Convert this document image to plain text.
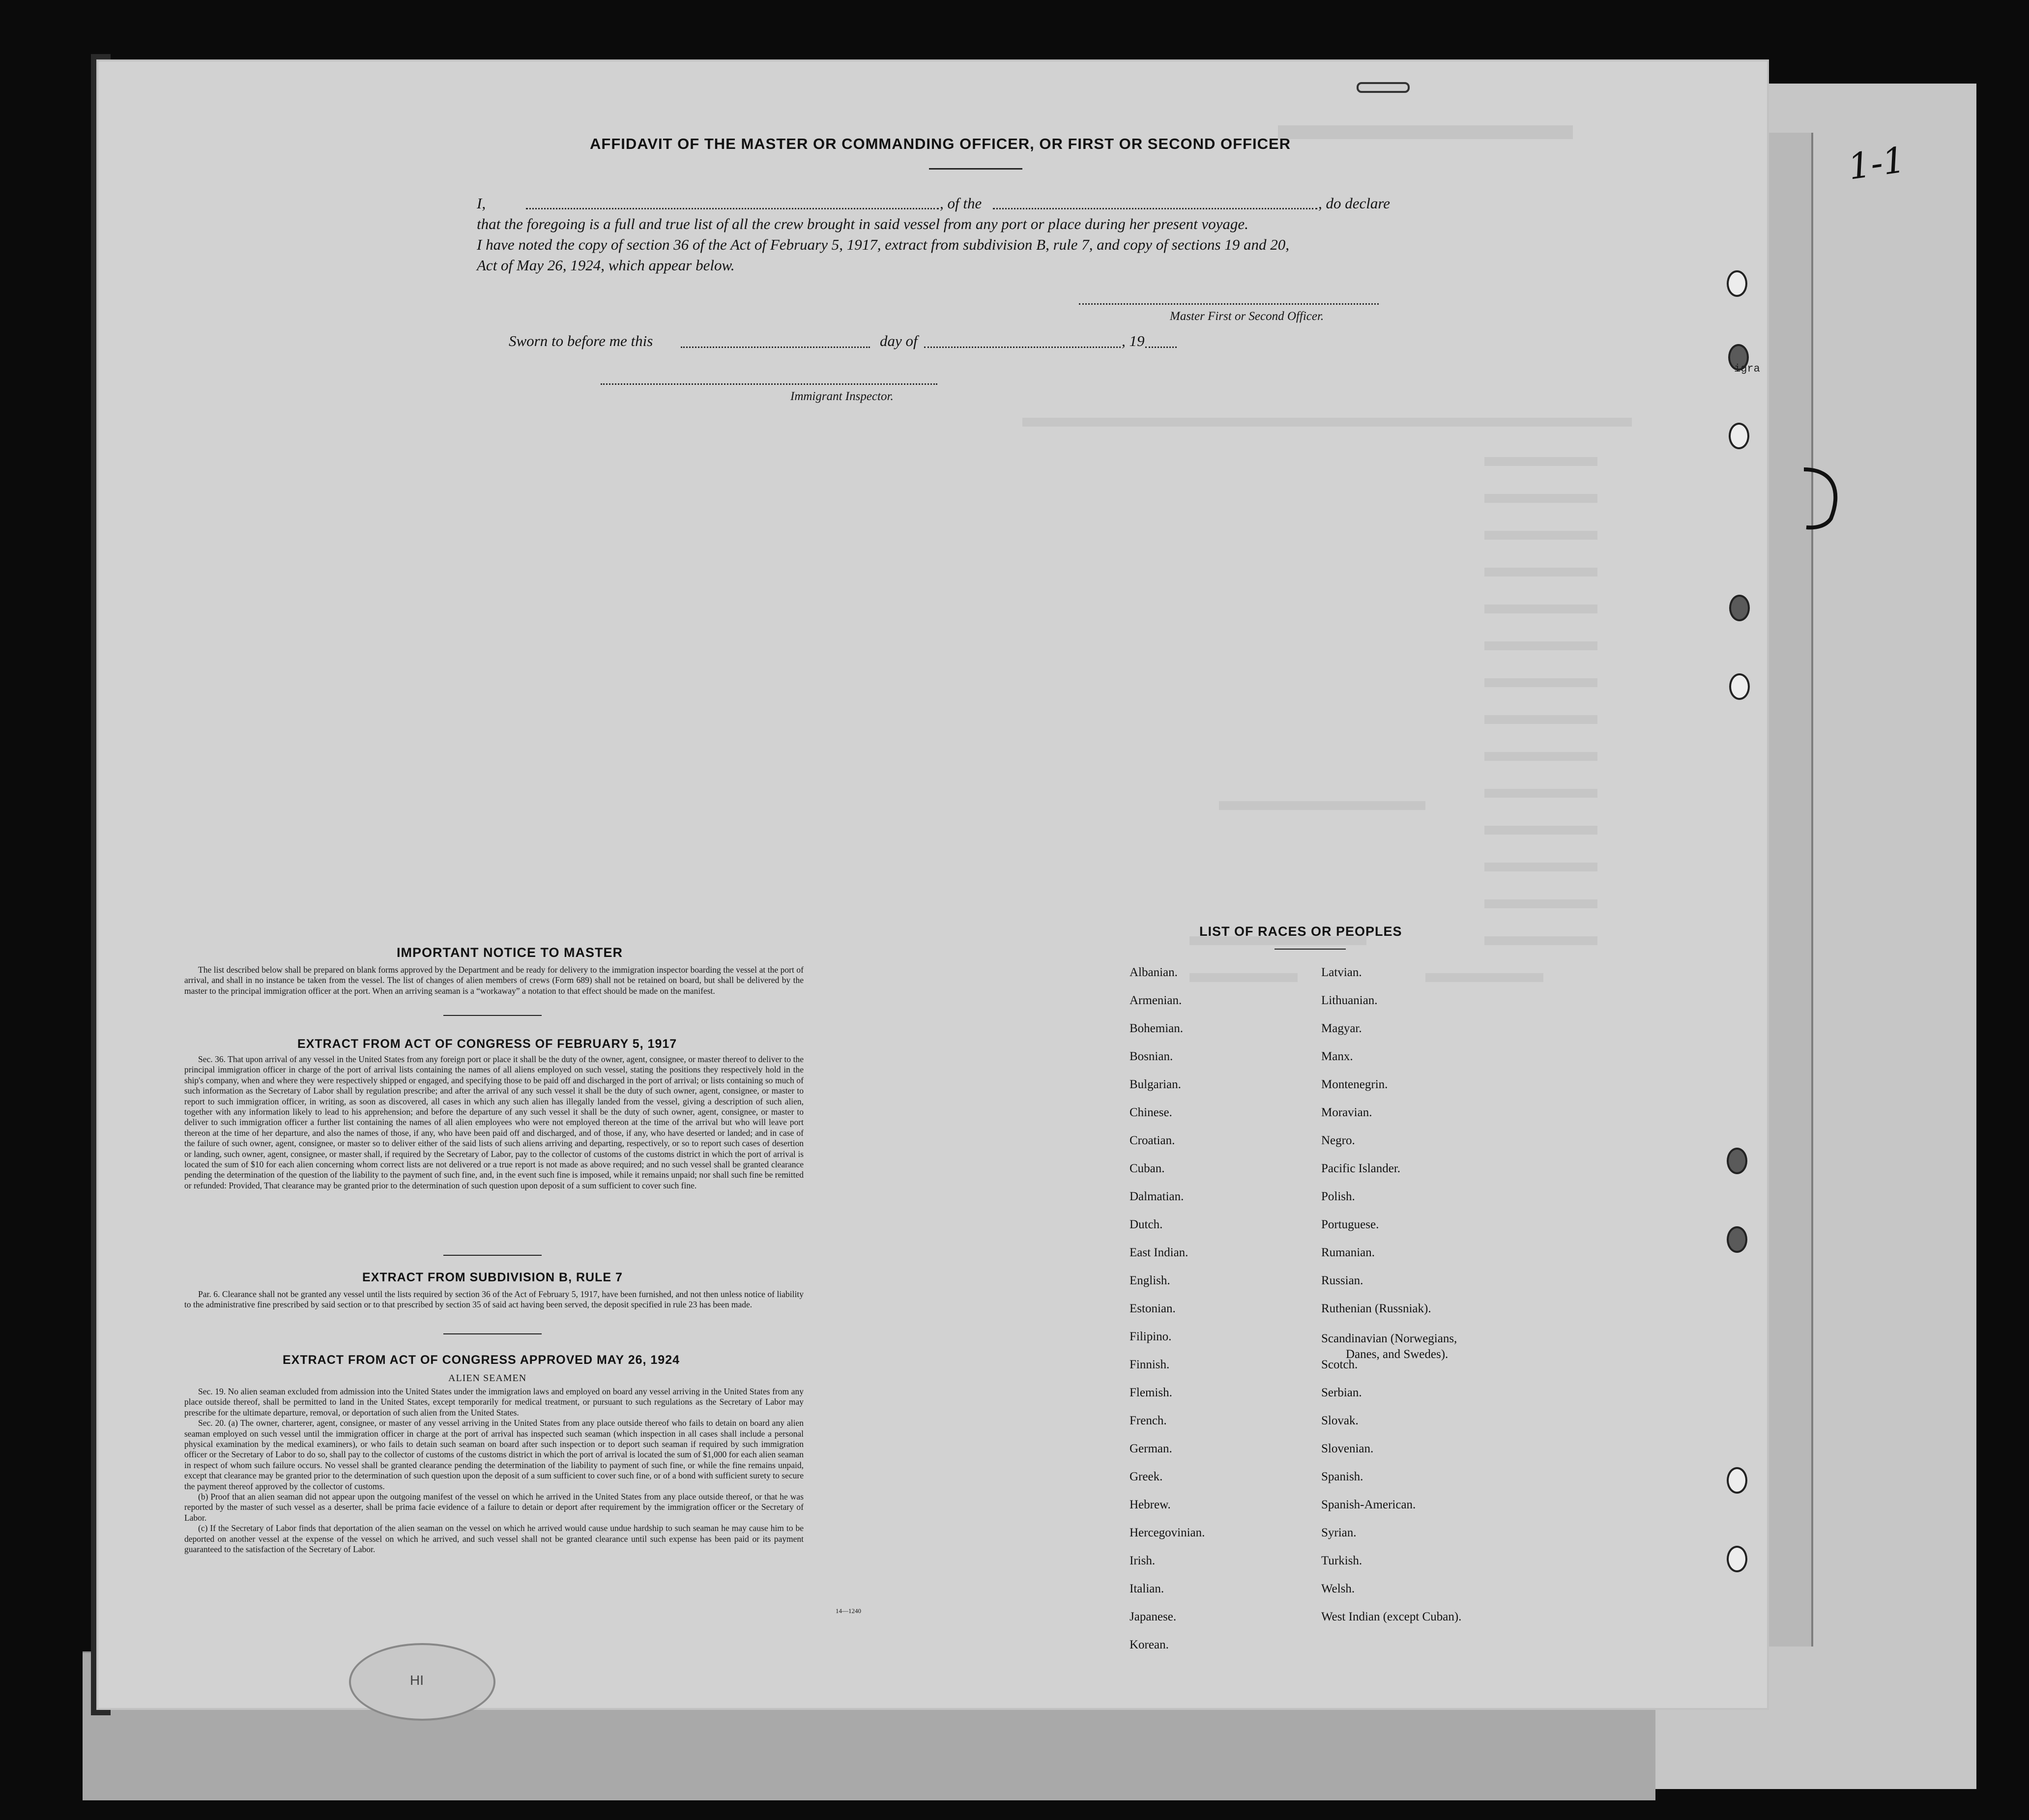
1-1
AFFIDAVIT OF THE MASTER OR COMMANDING OFFICER, OR FIRST OR SECOND OFFICER
I,	, of the	, do declare
that the foregoing is a full and true list of all the crew brought in said vessel from any port or place during her present voyage.
I have noted the copy of section 36 of the Act of February 5, 1917, extract from subdivision B, rule 7, and copy of sections 19 and 20,
Act of May 26, 1924, which appear below.
Master First or Second Officer.
Sworn to before me this	day of	, 19
Immigrant Inspector.
IMPORTANT NOTICE TO MASTER

The list described below shall be prepared on blank forms approved by the Department and be ready for delivery to the immigration inspector boarding the vessel at the port of arrival, and shall in no instance be taken from the vessel. The list of changes of alien members of crews (Form 689) shall not be retained on board, but shall be delivered by the master to the principal immigration officer at the port. When an arriving seaman is a “workaway” a notation to that effect should be made on the manifest.

EXTRACT FROM ACT OF CONGRESS OF FEBRUARY 5, 1917

Sec. 36. That upon arrival of any vessel in the United States from any foreign port or place it shall be the duty of the owner, agent, consignee, or master thereof to deliver to the principal immigration officer in charge of the port of arrival lists containing the names of all aliens employed on such vessel, stating the positions they respectively hold in the ship's company, when and where they were respectively shipped or engaged, and specifying those to be paid off and discharged in the port of arrival; or lists containing so much of such information as the Secretary of Labor shall by regulation prescribe; and after the arrival of any such vessel it shall be the duty of such owner, agent, consignee, or master to report to such immigration officer, in writing, as soon as discovered, all cases in which any such alien has illegally landed from the vessel, giving a description of such alien, together with any information likely to lead to his apprehension; and before the departure of any such vessel it shall be the duty of such owner, agent, consignee, or master to deliver to such immigration officer a further list containing the names of all alien employees who were not employed thereon at the time of the arrival but who will leave port thereon at the time of her departure, and also the names of those, if any, who have been paid off and discharged, and of those, if any, who have deserted or landed; and in case of the failure of such owner, agent, consignee, or master so to deliver either of the said lists of such aliens arriving and departing, respectively, or so to report such cases of desertion or landing, such owner, agent, consignee, or master shall, if required by the Secretary of Labor, pay to the collector of customs of the customs district in which the port of arrival is located the sum of $10 for each alien concerning whom correct lists are not delivered or a true report is not made as above required; and no such vessel shall be granted clearance pending the determination of the question of the liability to the payment of such fine, and, in the event such fine is imposed, while it remains unpaid; nor shall such fine be remitted or refunded: Provided, That clearance may be granted prior to the determination of such question upon deposit of a sum sufficient to cover such fine.

EXTRACT FROM SUBDIVISION B, RULE 7

Par. 6. Clearance shall not be granted any vessel until the lists required by section 36 of the Act of February 5, 1917, have been furnished, and not then unless notice of liability to the administrative fine prescribed by said section or to that prescribed by section 35 of said act having been served, the deposit specified in rule 23 has been made.

EXTRACT FROM ACT OF CONGRESS APPROVED MAY 26, 1924
ALIEN SEAMEN

Sec. 19. No alien seaman excluded from admission into the United States under the immigration laws and employed on board any vessel arriving in the United States from any place outside thereof, shall be permitted to land in the United States, except temporarily for medical treatment, or pursuant to such regulations as the Secretary of Labor may prescribe for the ultimate departure, removal, or deportation of such alien from the United States.

Sec. 20. (a) The owner, charterer, agent, consignee, or master of any vessel arriving in the United States from any place outside thereof who fails to detain on board any alien seaman employed on such vessel until the immigration officer in charge at the port of arrival has inspected such seaman (which inspection in all cases shall include a personal physical examination by the medical examiners), or who fails to detain such seaman on board after such inspection or to deport such seaman if required by such immigration officer or the Secretary of Labor to do so, shall pay to the collector of customs of the customs district in which the port of arrival is located the sum of $1,000 for each alien seaman in respect of whom such failure occurs. No vessel shall be granted clearance pending the determination of the liability to payment of such fine, or while the fine remains unpaid, except that clearance may be granted prior to the determination of such question upon the deposit of a sum sufficient to cover such fine, or of a bond with sufficient surety to secure the payment thereof approved by the collector of customs.

(b) Proof that an alien seaman did not appear upon the outgoing manifest of the vessel on which he arrived in the United States from any place outside thereof, or that he was reported by the master of such vessel as a deserter, shall be prima facie evidence of a failure to detain or deport after requirement by the immigration officer or the Secretary of Labor.

(c) If the Secretary of Labor finds that deportation of the alien seaman on the vessel on which he arrived would cause undue hardship to such seaman he may cause him to be deported on another vessel at the expense of the vessel on which he arrived, and such vessel shall not be granted clearance until such expense has been paid or its payment guaranteed to the satisfaction of the Secretary of Labor.

14—1240
LIST OF RACES OR PEOPLES
HI
Albanian.
Armenian.
Bohemian.
Bosnian.
Bulgarian.
Chinese.
Croatian.
Cuban.
Dalmatian.
Dutch.
East Indian.
English.
Estonian.
Filipino.
Finnish.
Flemish.
French.
German.
Greek.
Hebrew.
Hercegovinian.
Irish.
Italian.
Japanese.
Korean.
Latvian.
Lithuanian.
Magyar.
Manx.
Montenegrin.
Moravian.
Negro.
Pacific Islander.
Polish.
Portuguese.
Rumanian.
Russian.
Ruthenian (Russniak).
Scandinavian (Norwegians,
Danes, and Swedes).
Scotch.
Serbian.
Slovak.
Slovenian.
Spanish.
Spanish-American.
Syrian.
Turkish.
Welsh.
West Indian (except Cuban).
igra
